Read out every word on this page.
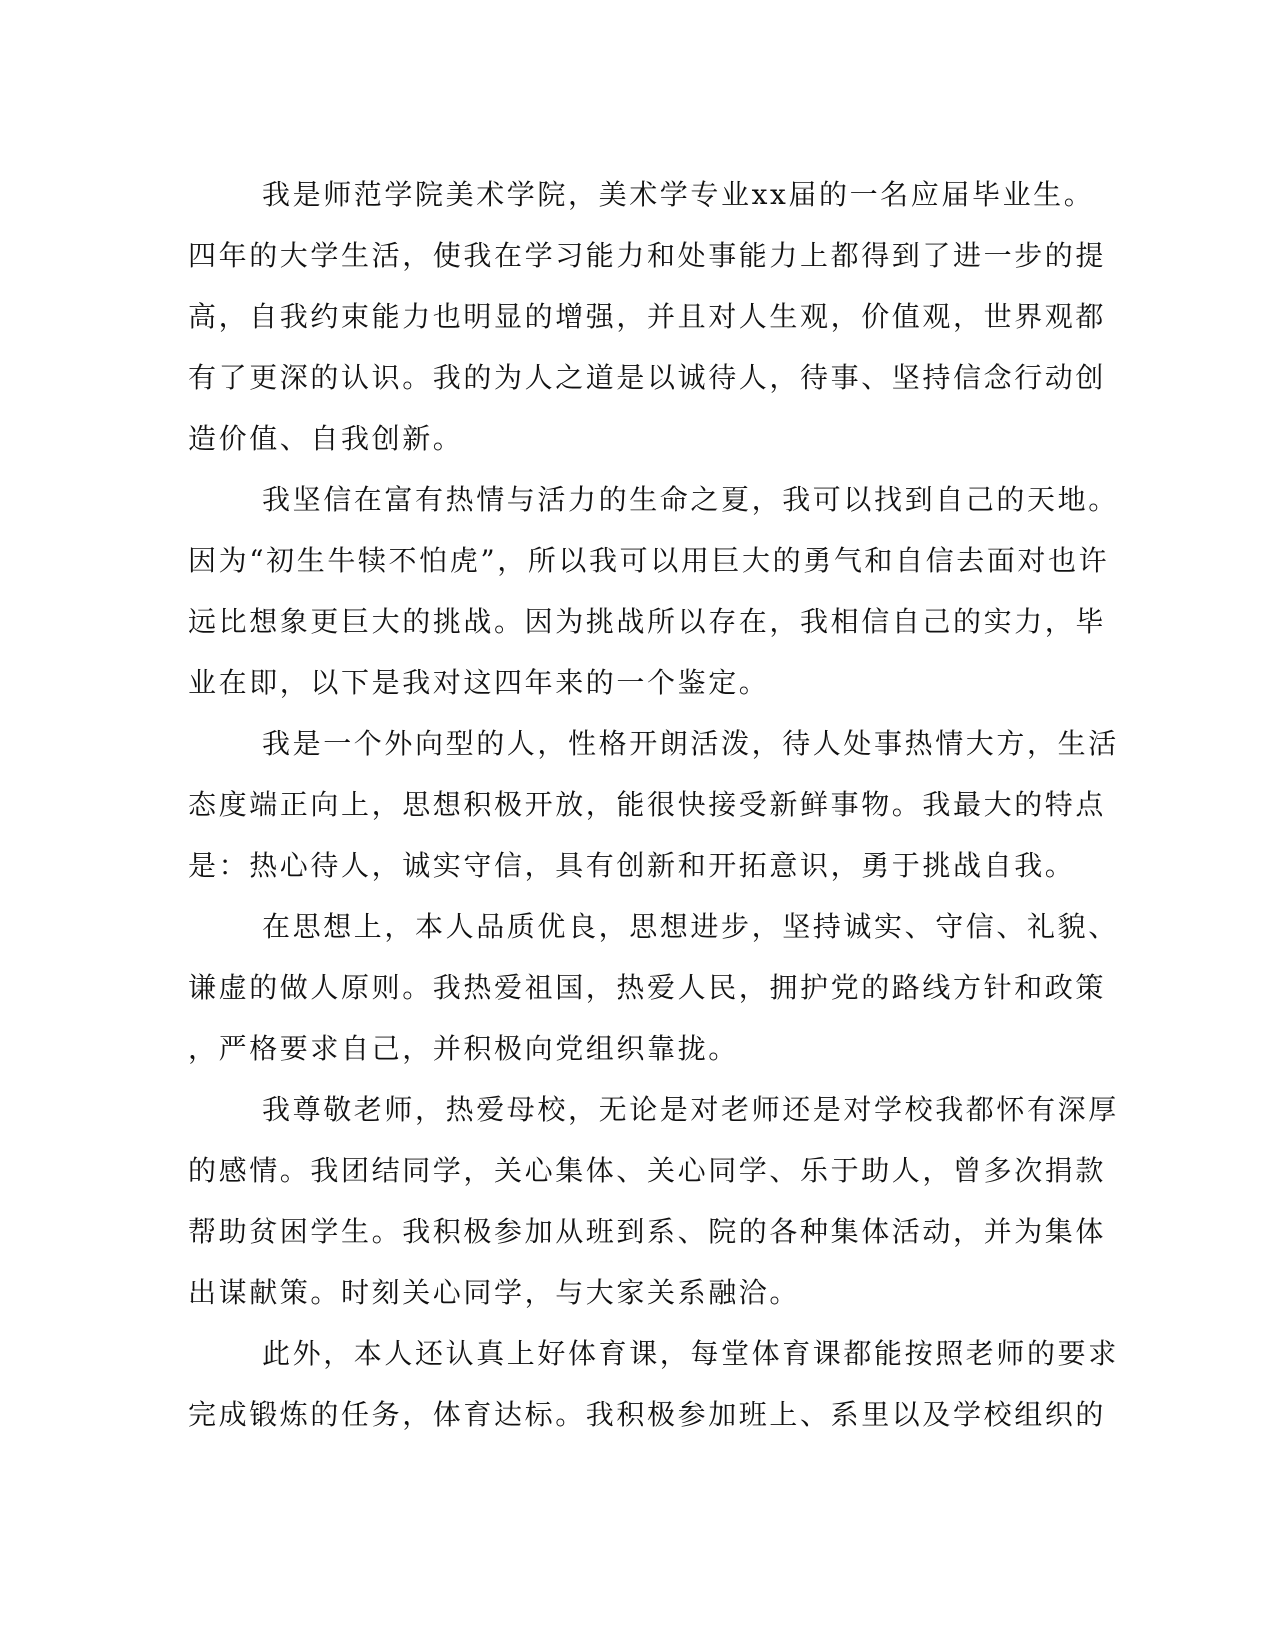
我是师范学院美术学院，美术学专业xx届的一名应届毕业生。
四年的大学生活，使我在学习能力和处事能力上都得到了进一步的提
高，自我约束能力也明显的增强，并且对人生观，价值观，世界观都
有了更深的认识。我的为人之道是以诚待人，待事、坚持信念行动创
造价值、自我创新。
我坚信在富有热情与活力的生命之夏，我可以找到自己的天地。
因为“初生牛犊不怕虎”，所以我可以用巨大的勇气和自信去面对也许
远比想象更巨大的挑战。因为挑战所以存在，我相信自己的实力，毕
业在即，以下是我对这四年来的一个鉴定。
我是一个外向型的人，性格开朗活泼，待人处事热情大方，生活
态度端正向上，思想积极开放，能很快接受新鲜事物。我最大的特点
是：热心待人，诚实守信，具有创新和开拓意识，勇于挑战自我。
在思想上，本人品质优良，思想进步，坚持诚实、守信、礼貌、
谦虚的做人原则。我热爱祖国，热爱人民，拥护党的路线方针和政策
，严格要求自己，并积极向党组织靠拢。
我尊敬老师，热爱母校，无论是对老师还是对学校我都怀有深厚
的感情。我团结同学，关心集体、关心同学、乐于助人，曾多次捐款
帮助贫困学生。我积极参加从班到系、院的各种集体活动，并为集体
出谋献策。时刻关心同学，与大家关系融洽。
此外，本人还认真上好体育课，每堂体育课都能按照老师的要求
完成锻炼的任务，体育达标。我积极参加班上、系里以及学校组织的
